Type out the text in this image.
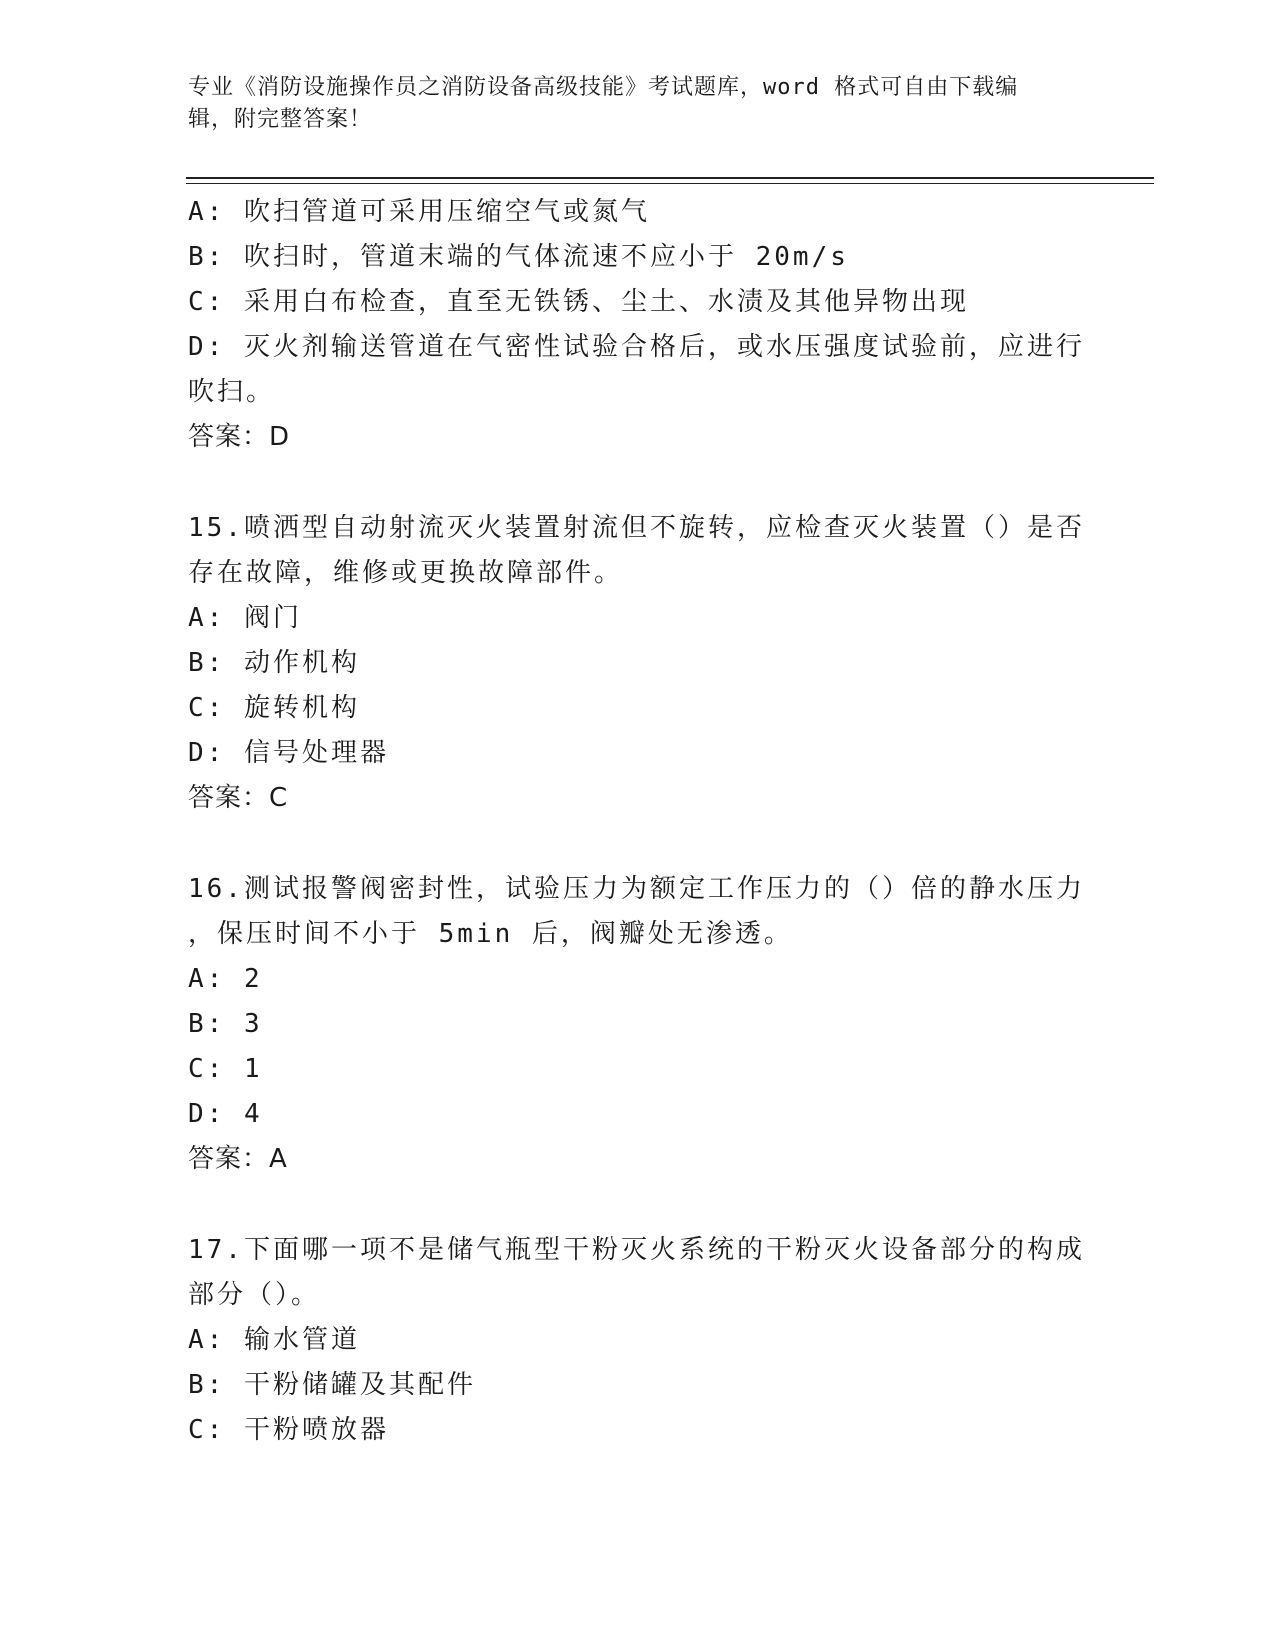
专业《消防设施操作员之消防设备高级技能》考试题库，word 格式可自由下载编
辑，附完整答案！
A: 吹扫管道可采用压缩空气或氮气
B: 吹扫时，管道末端的气体流速不应小于 20m/s
C: 采用白布检查，直至无铁锈、尘土、水渍及其他异物出现
D: 灭火剂输送管道在气密性试验合格后，或水压强度试验前，应进行
吹扫。
答案：D
15.喷洒型自动射流灭火装置射流但不旋转，应检查灭火装置（）是否
存在故障，维修或更换故障部件。
A: 阀门
B: 动作机构
C: 旋转机构
D: 信号处理器
答案：C
16.测试报警阀密封性，试验压力为额定工作压力的（）倍的静水压力
，保压时间不小于 5min 后，阀瓣处无渗透。
A: 2
B: 3
C: 1
D: 4
答案：A
17.下面哪一项不是储气瓶型干粉灭火系统的干粉灭火设备部分的构成
部分（）。
A: 输水管道
B: 干粉储罐及其配件
C: 干粉喷放器
